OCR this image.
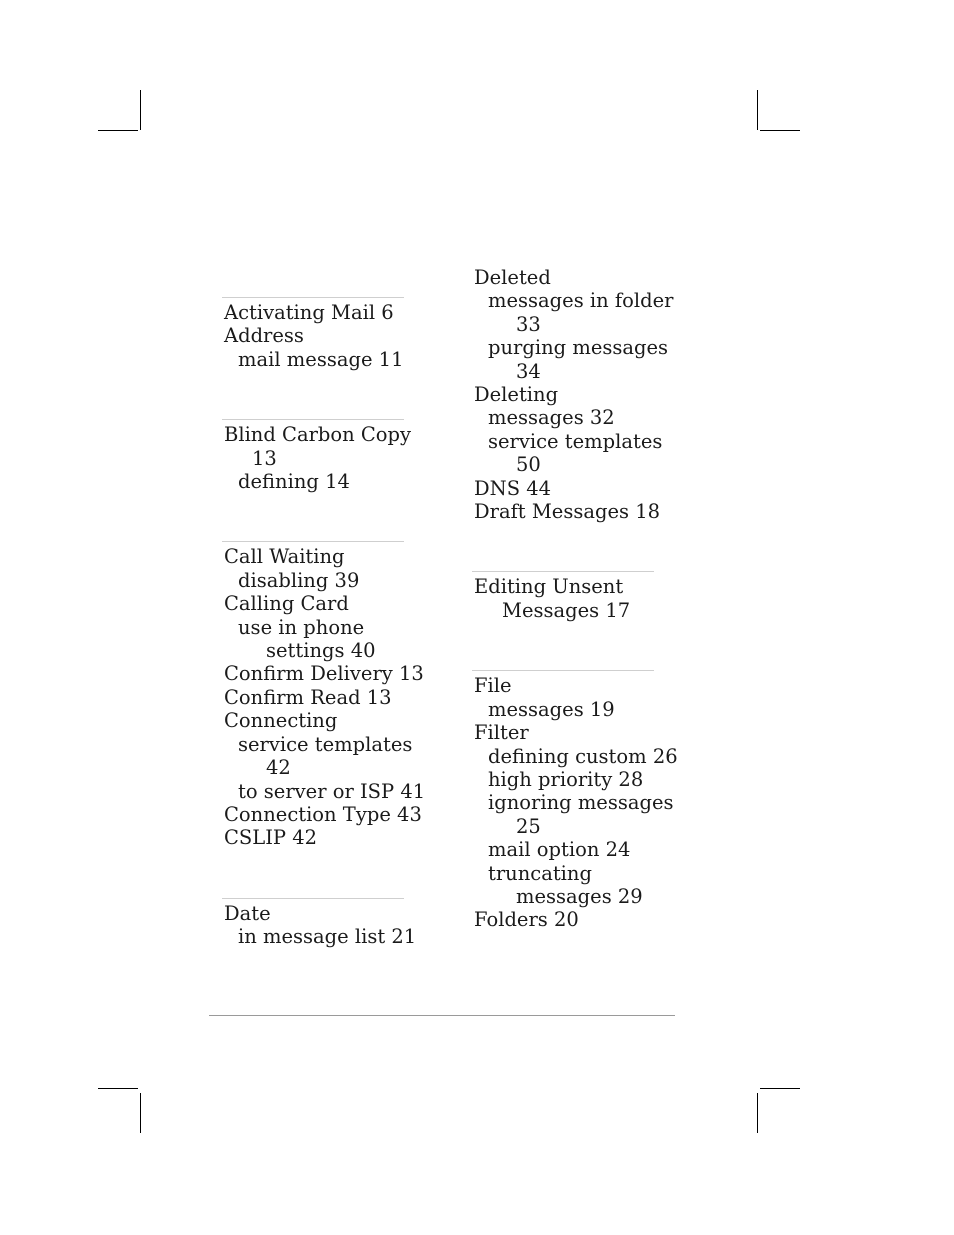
Activating Mail 6
Address
mail message 11
Blind Carbon Copy
13
defining 14
Call Waiting
disabling 39
Calling Card
use in phone
settings 40
Confirm Delivery 13
Confirm Read 13
Connecting
service templates
42
to server or ISP 41
Connection Type 43
CSLIP 42
Date
in message list 21
Deleted
messages in folder
33
purging messages
34
Deleting
messages 32
service templates
50
DNS 44
Draft Messages 18
Editing Unsent
Messages 17
File
messages 19
Filter
defining custom 26
high priority 28
ignoring messages
25
mail option 24
truncating
messages 29
Folders 20
